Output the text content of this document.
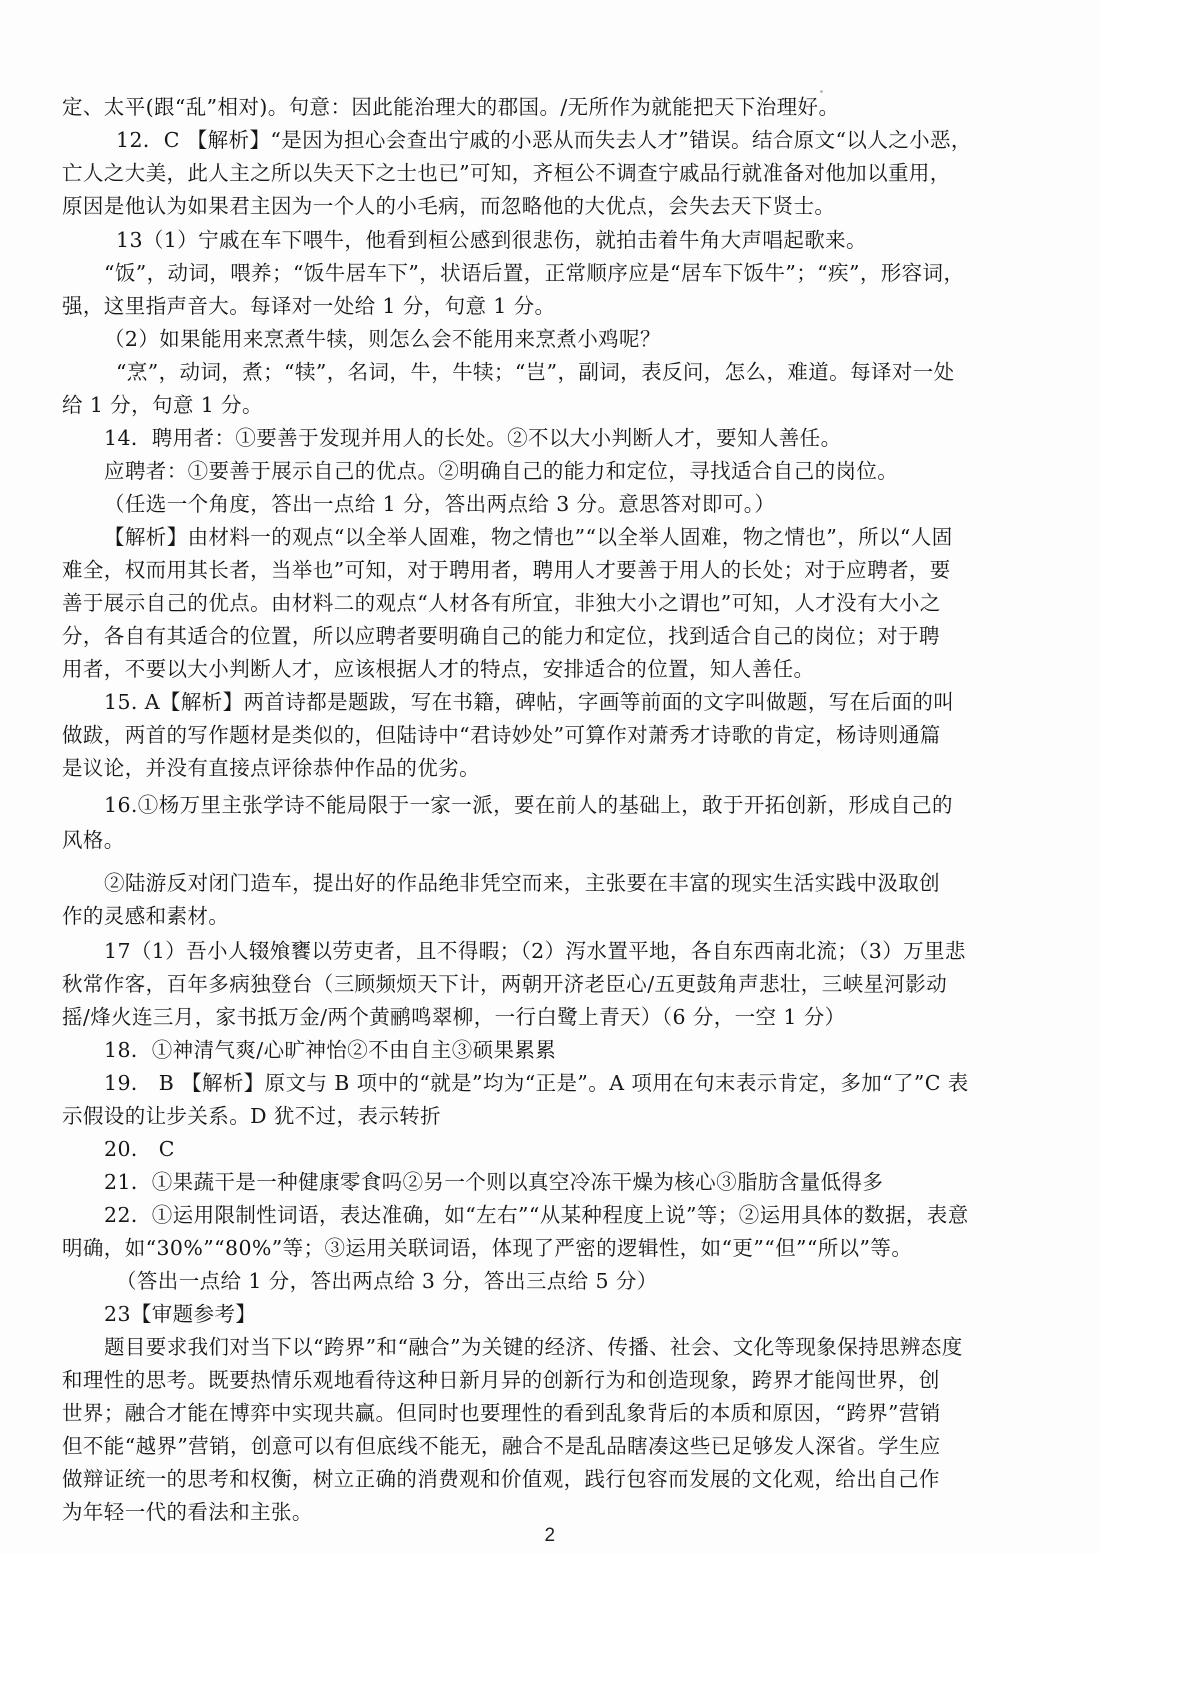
定、太平(跟“乱”相对)。句意：因此能治理大的郡国。/无所作为就能把天下治理好。
12．C 【解析】“是因为担心会查出宁戚的小恶从而失去人才”错误。结合原文“以人之小恶，
亡人之大美，此人主之所以失天下之士也已”可知，齐桓公不调查宁戚品行就准备对他加以重用，
原因是他认为如果君主因为一个人的小毛病，而忽略他的大优点，会失去天下贤士。
13（1）宁戚在车下喂牛，他看到桓公感到很悲伤，就拍击着牛角大声唱起歌来。
“饭”，动词，喂养；“饭牛居车下”，状语后置，正常顺序应是“居车下饭牛”；“疾”，形容词，
强，这里指声音大。每译对一处给 1 分，句意 1 分。
（2）如果能用来烹煮牛犊，则怎么会不能用来烹煮小鸡呢？
“烹”，动词，煮；“犊”，名词，牛，牛犊；“岂”，副词，表反问，怎么，难道。每译对一处
给 1 分，句意 1 分。
14．聘用者：①要善于发现并用人的长处。②不以大小判断人才，要知人善任。
应聘者：①要善于展示自己的优点。②明确自己的能力和定位，寻找适合自己的岗位。
（任选一个角度，答出一点给 1 分，答出两点给 3 分。意思答对即可。）
【解析】由材料一的观点“以全举人固难，物之情也”“以全举人固难，物之情也”，所以“人固
难全，权而用其长者，当举也”可知，对于聘用者，聘用人才要善于用人的长处；对于应聘者，要
善于展示自己的优点。由材料二的观点“人材各有所宜，非独大小之谓也”可知，人才没有大小之
分，各自有其适合的位置，所以应聘者要明确自己的能力和定位，找到适合自己的岗位；对于聘
用者，不要以大小判断人才，应该根据人才的特点，安排适合的位置，知人善任。
15. A【解析】两首诗都是题跋，写在书籍，碑帖，字画等前面的文字叫做题，写在后面的叫
做跋，两首的写作题材是类似的，但陆诗中“君诗妙处”可算作对萧秀才诗歌的肯定，杨诗则通篇
是议论，并没有直接点评徐恭仲作品的优劣。
16.①杨万里主张学诗不能局限于一家一派，要在前人的基础上，敢于开拓创新，形成自己的
风格。
②陆游反对闭门造车，提出好的作品绝非凭空而来，主张要在丰富的现实生活实践中汲取创
作的灵感和素材。
17（1）吾小人辍飧饔以劳吏者，且不得暇；（2）泻水置平地，各自东西南北流；（3）万里悲
秋常作客，百年多病独登台（三顾频烦天下计，两朝开济老臣心/五更鼓角声悲壮，三峡星河影动
摇/烽火连三月，家书抵万金/两个黄鹂鸣翠柳，一行白鹭上青天）（6 分，一空 1 分）
18．①神清气爽/心旷神怡②不由自主③硕果累累
19． B 【解析】原文与 B 项中的“就是”均为“正是”。A 项用在句末表示肯定，多加“了”C 表
示假设的让步关系。D 犹不过，表示转折
20． C
21．①果蔬干是一种健康零食吗②另一个则以真空冷冻干燥为核心③脂肪含量低得多
22．①运用限制性词语，表达准确，如“左右”“从某种程度上说”等；②运用具体的数据，表意
明确，如“30%”“80%”等；③运用关联词语，体现了严密的逻辑性，如“更”“但”“所以”等。
（答出一点给 1 分，答出两点给 3 分，答出三点给 5 分）
23【审题参考】
题目要求我们对当下以“跨界”和“融合”为关键的经济、传播、社会、文化等现象保持思辨态度
和理性的思考。既要热情乐观地看待这种日新月异的创新行为和创造现象，跨界才能闯世界，创
世界；融合才能在博弈中实现共赢。但同时也要理性的看到乱象背后的本质和原因，“跨界”营销
但不能“越界”营销，创意可以有但底线不能无，融合不是乱品瞎凑这些已足够发人深省。学生应
做辩证统一的思考和权衡，树立正确的消费观和价值观，践行包容而发展的文化观，给出自己作
为年轻一代的看法和主张。
2
